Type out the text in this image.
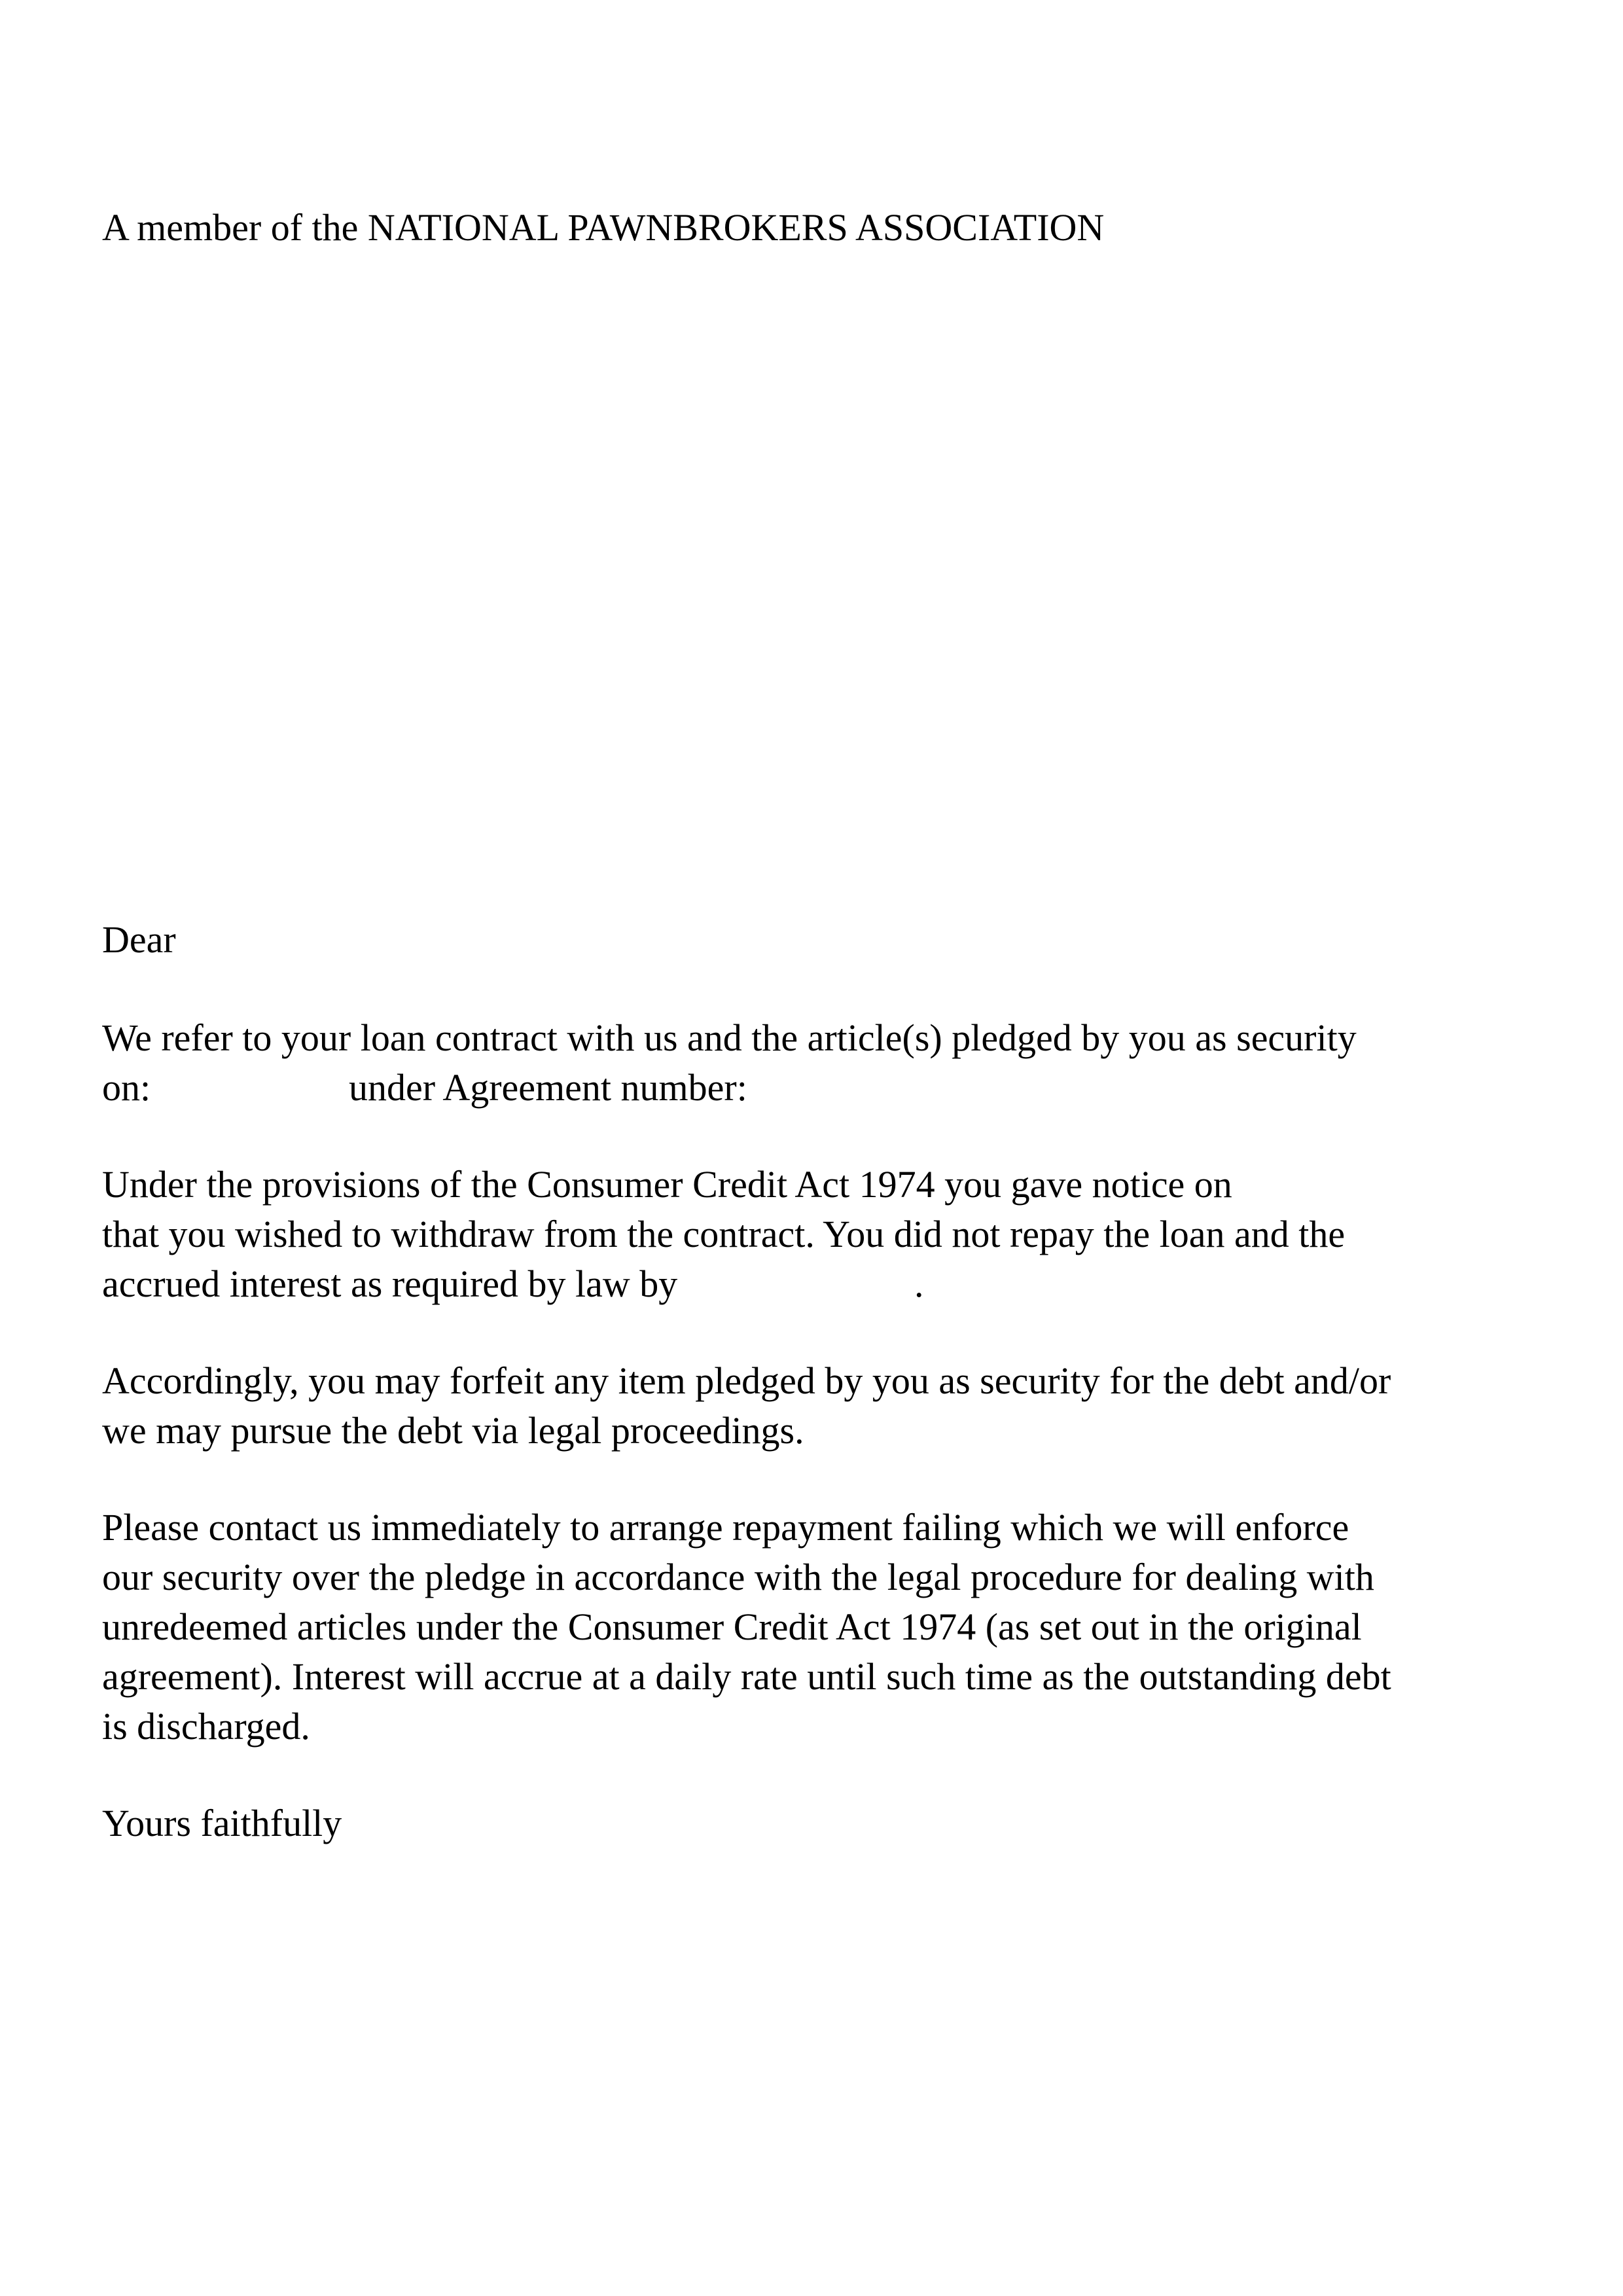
A member of the NATIONAL PAWNBROKERS ASSOCIATION

Dear

We refer to your loan contract with us and the article(s) pledged by you as security

on:	under Agreement number:

Under the provisions of the Consumer Credit Act 1974 you gave notice on

that you wished to withdraw from the contract. You did not repay the loan and the

accrued interest as required by law by	.

Accordingly, you may forfeit any item pledged by you as security for the debt and/or

we may pursue the debt via legal proceedings.

Please contact us immediately to arrange repayment failing which we will enforce

our security over the pledge in accordance with the legal procedure for dealing with

unredeemed articles under the Consumer Credit Act 1974 (as set out in the original

agreement). Interest will accrue at a daily rate until such time as the outstanding debt

is discharged.

Yours faithfully
